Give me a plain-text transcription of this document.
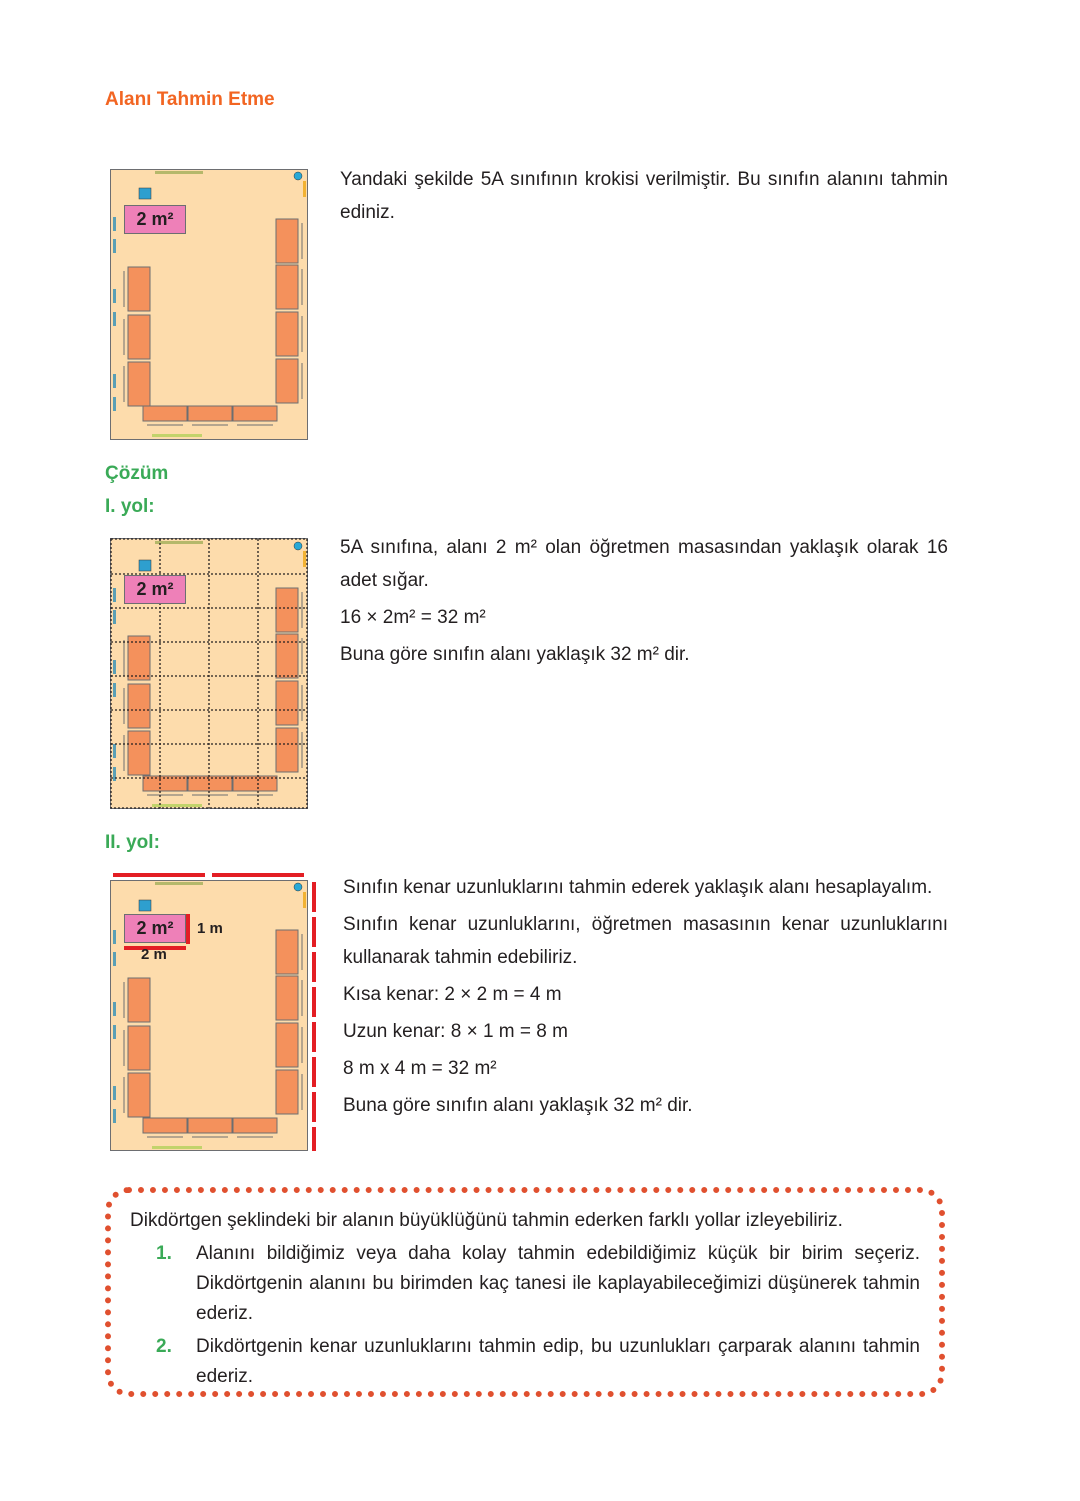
Alanı Tahmin Etme
2 m²
Yandaki şekilde 5A sınıfının krokisi verilmiştir. Bu sınıfın alanını tahmin ediniz.
Çözüm
I. yol:
2 m²

5A sınıfına, alanı 2 m² olan öğretmen masasından yaklaşık olarak 16 adet sığar.

16 × 2m² = 32 m²

Buna göre sınıfın alanı yaklaşık 32 m² dir.

II. yol:
2 m²	1 m
2 m

Sınıfın kenar uzunluklarını tahmin ederek yaklaşık alanı hesaplayalım.

Sınıfın kenar uzunluklarını, öğretmen masasının kenar uzunluklarını kullanarak tahmin edebiliriz.

Kısa kenar: 2 × 2 m = 4 m

Uzun kenar: 8 × 1 m = 8 m

8 m x 4 m = 32 m²

Buna göre sınıfın alanı yaklaşık 32 m² dir.

Dikdörtgen şeklindeki bir alanın büyüklüğünü tahmin ederken farklı yollar izleyebiliriz.
1.	Alanını bildiğimiz veya daha kolay tahmin edebildiğimiz küçük bir birim seçeriz. Dikdörtgenin alanını bu birimden kaç tanesi ile kaplayabileceğimizi düşünerek tahmin ederiz.
2.	Dikdörtgenin kenar uzunluklarını tahmin edip, bu uzunlukları çarparak alanını tahmin ederiz.
